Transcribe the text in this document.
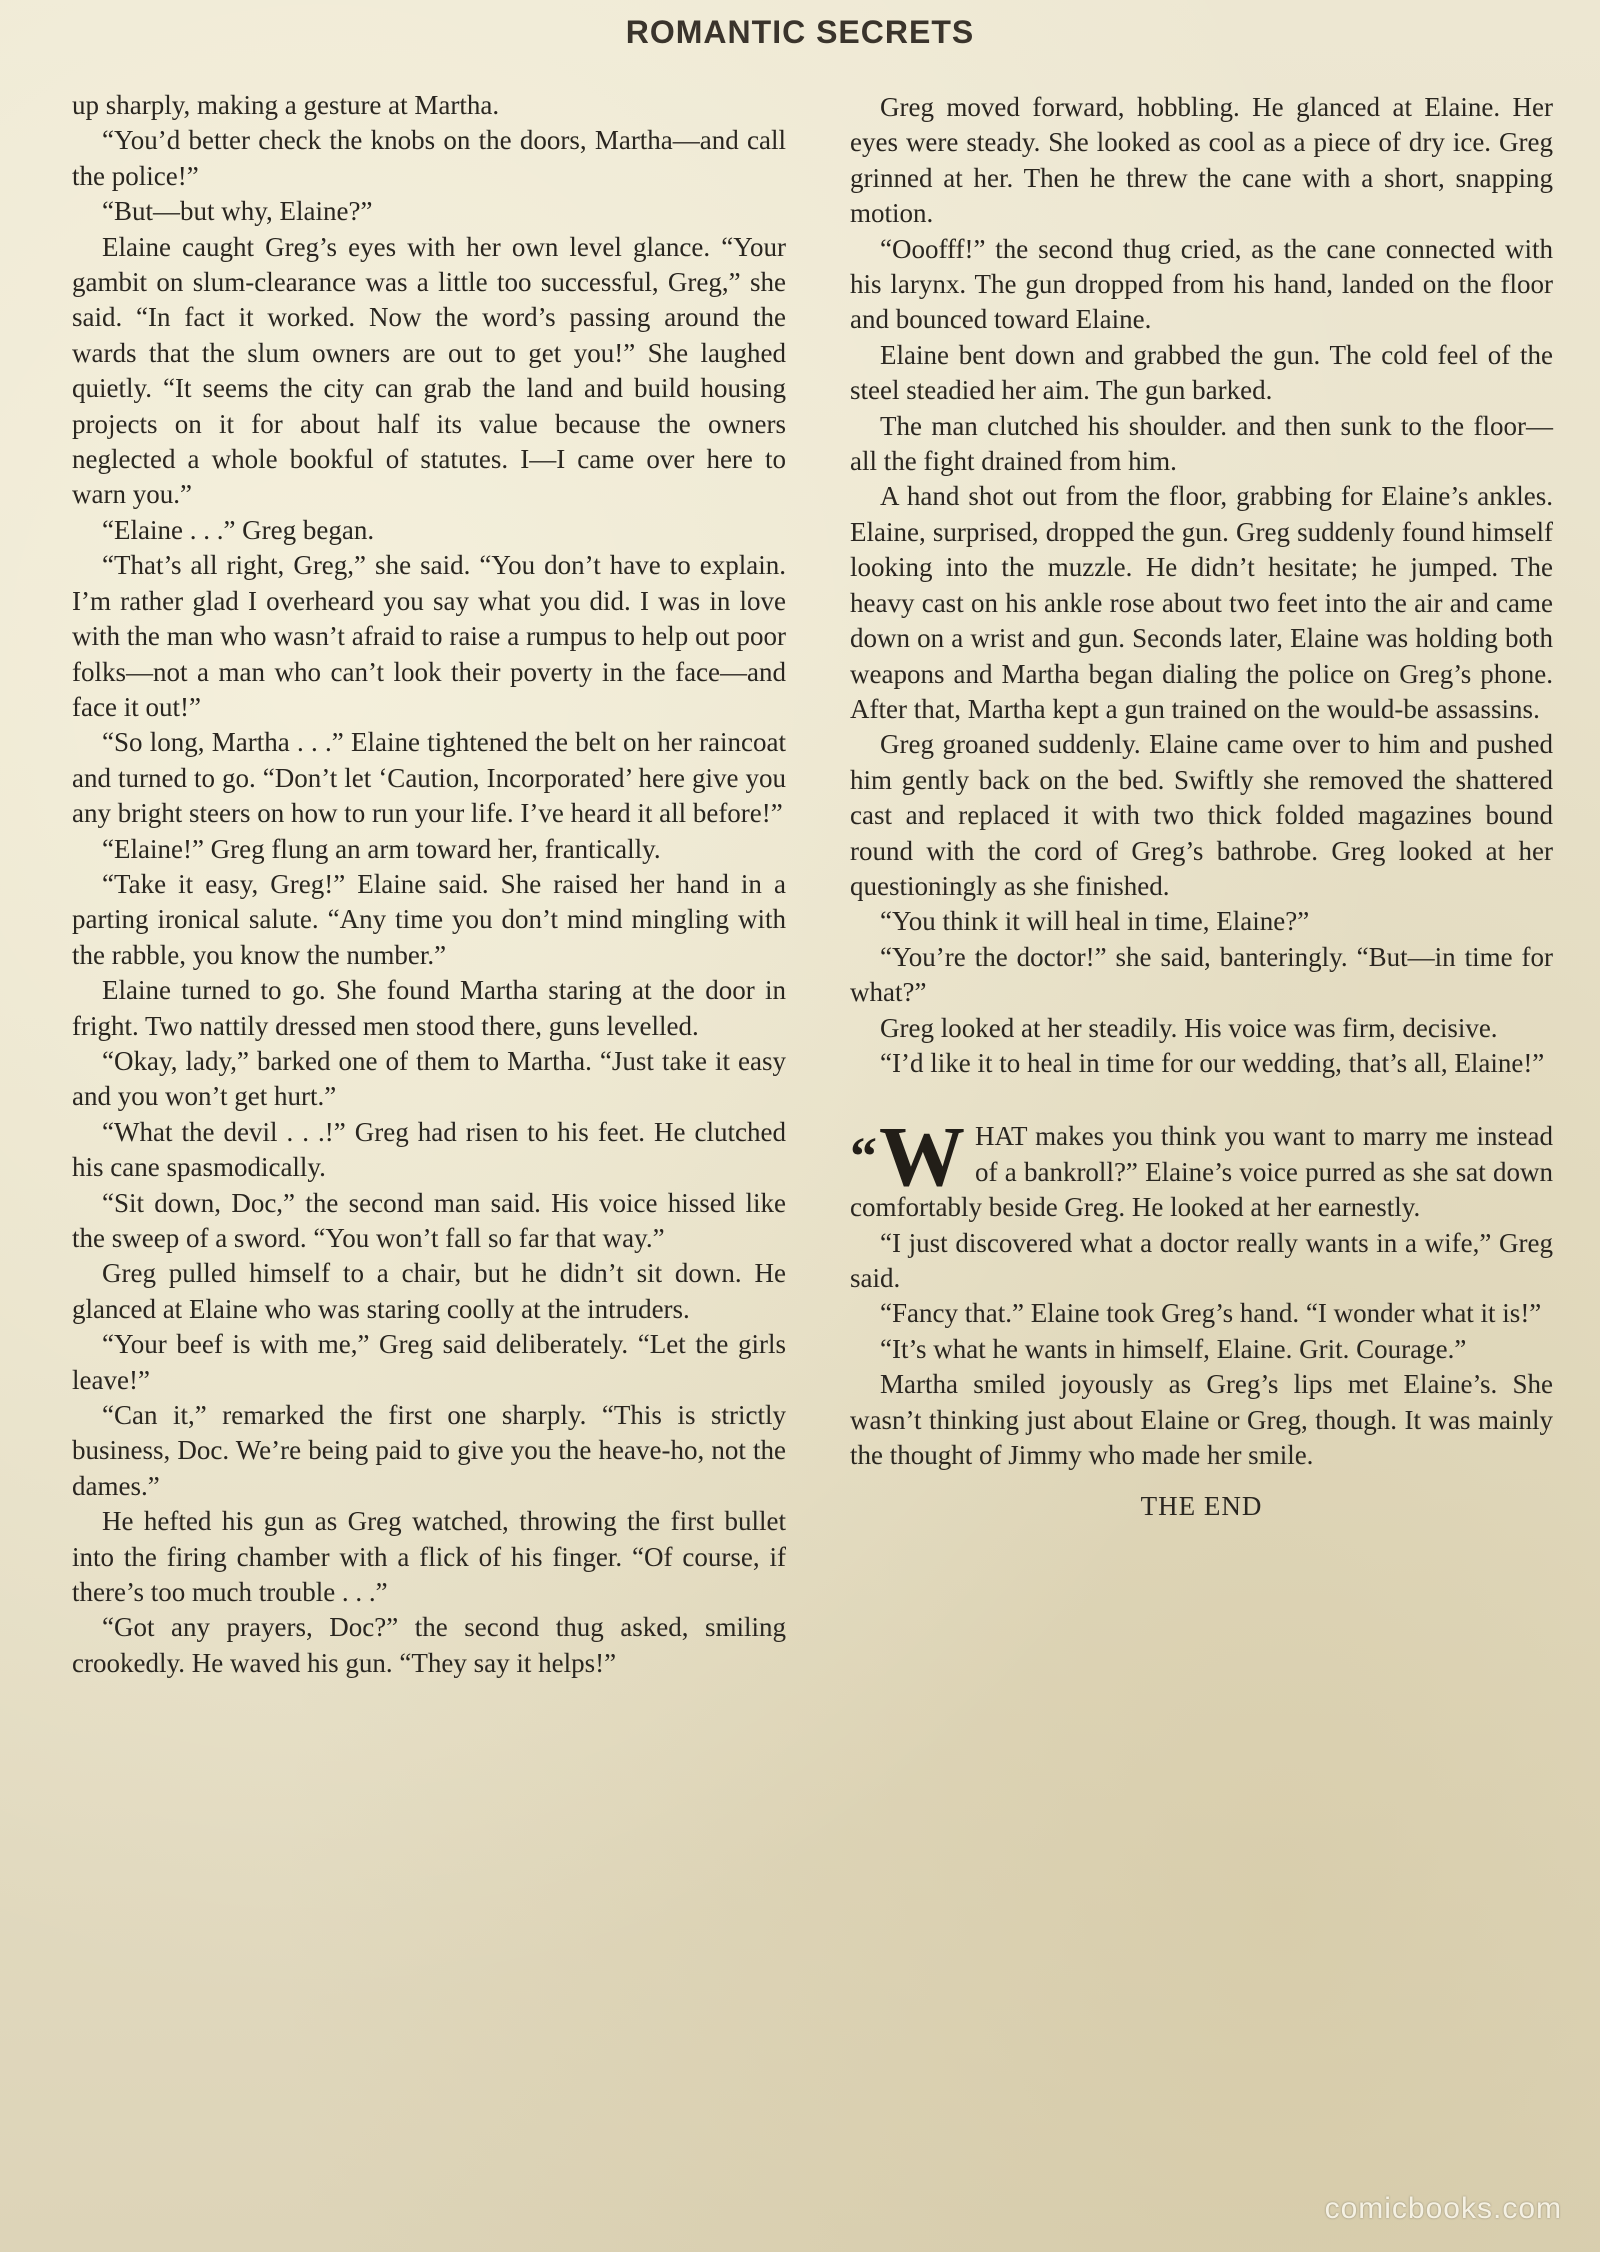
ROMANTIC SECRETS

up sharply, making a gesture at Martha.

“You’d better check the knobs on the doors, Martha—and call the police!”

“But—but why, Elaine?”

Elaine caught Greg’s eyes with her own level glance. “Your gambit on slum-clearance was a little too successful, Greg,” she said. “In fact it worked. Now the word’s passing around the wards that the slum owners are out to get you!” She laughed quietly. “It seems the city can grab the land and build housing projects on it for about half its value because the owners neglected a whole bookful of statutes. I—I came over here to warn you.”

“Elaine . . .” Greg began.

“That’s all right, Greg,” she said. “You don’t have to explain. I’m rather glad I overheard you say what you did. I was in love with the man who wasn’t afraid to raise a rumpus to help out poor folks—not a man who can’t look their poverty in the face—and face it out!”

“So long, Martha . . .” Elaine tightened the belt on her raincoat and turned to go. “Don’t let ‘Caution, Incorporated’ here give you any bright steers on how to run your life. I’ve heard it all before!”

“Elaine!” Greg flung an arm toward her, frantically.

“Take it easy, Greg!” Elaine said. She raised her hand in a parting ironical salute. “Any time you don’t mind mingling with the rabble, you know the number.”

Elaine turned to go. She found Martha staring at the door in fright. Two nattily dressed men stood there, guns levelled.

“Okay, lady,” barked one of them to Martha. “Just take it easy and you won’t get hurt.”

“What the devil . . .!” Greg had risen to his feet. He clutched his cane spasmodically.

“Sit down, Doc,” the second man said. His voice hissed like the sweep of a sword. “You won’t fall so far that way.”

Greg pulled himself to a chair, but he didn’t sit down. He glanced at Elaine who was staring coolly at the intruders.

“Your beef is with me,” Greg said deliberately. “Let the girls leave!”

“Can it,” remarked the first one sharply. “This is strictly business, Doc. We’re being paid to give you the heave-ho, not the dames.”

He hefted his gun as Greg watched, throwing the first bullet into the firing chamber with a flick of his finger. “Of course, if there’s too much trouble . . .”

“Got any prayers, Doc?” the second thug asked, smiling crookedly. He waved his gun. “They say it helps!”

Greg moved forward, hobbling. He glanced at Elaine. Her eyes were steady. She looked as cool as a piece of dry ice. Greg grinned at her. Then he threw the cane with a short, snapping motion.

“Ooofff!” the second thug cried, as the cane connected with his larynx. The gun dropped from his hand, landed on the floor and bounced toward Elaine.

Elaine bent down and grabbed the gun. The cold feel of the steel steadied her aim. The gun barked.

The man clutched his shoulder. and then sunk to the floor—all the fight drained from him.

A hand shot out from the floor, grabbing for Elaine’s ankles. Elaine, surprised, dropped the gun. Greg suddenly found himself looking into the muzzle. He didn’t hesitate; he jumped. The heavy cast on his ankle rose about two feet into the air and came down on a wrist and gun. Seconds later, Elaine was holding both weapons and Martha began dialing the police on Greg’s phone. After that, Martha kept a gun trained on the would-be assassins.

Greg groaned suddenly. Elaine came over to him and pushed him gently back on the bed. Swiftly she removed the shattered cast and replaced it with two thick folded magazines bound round with the cord of Greg’s bathrobe. Greg looked at her questioningly as she finished.

“You think it will heal in time, Elaine?”

“You’re the doctor!” she said, banteringly. “But—in time for what?”

Greg looked at her steadily. His voice was firm, decisive.

“I’d like it to heal in time for our wedding, that’s all, Elaine!”

“W HAT makes you think you want to marry me instead of a bankroll?” Elaine’s voice purred as she sat down comfortably beside Greg. He looked at her earnestly.

“I just discovered what a doctor really wants in a wife,” Greg said.

“Fancy that.” Elaine took Greg’s hand. “I wonder what it is!”

“It’s what he wants in himself, Elaine. Grit. Courage.”

Martha smiled joyously as Greg’s lips met Elaine’s. She wasn’t thinking just about Elaine or Greg, though. It was mainly the thought of Jimmy who made her smile.

THE END
comicbooks.com
